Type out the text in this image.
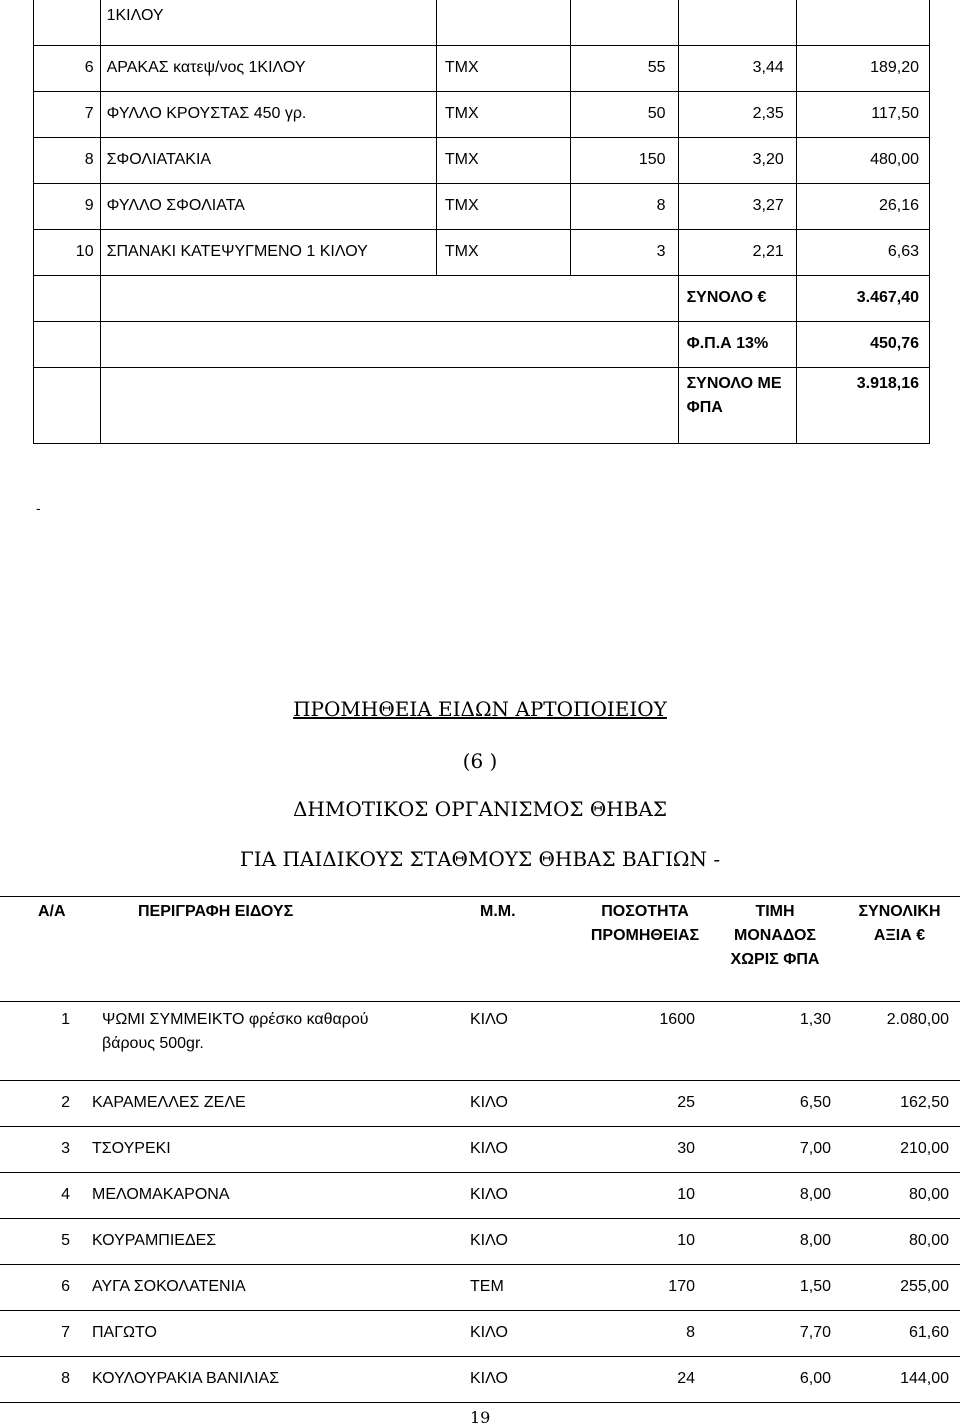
	1ΚΙΛΟΥ				
6	ΑΡΑΚΑΣ κατεψ/νος 1ΚΙΛΟΥ	ΤΜΧ	55	3,44	189,20
7	ΦΥΛΛΟ ΚΡΟΥΣΤΑΣ 450 γρ.	ΤΜΧ	50	2,35	117,50
8	ΣΦΟΛΙΑΤΑΚΙΑ	ΤΜΧ	150	3,20	480,00
9	ΦΥΛΛΟ ΣΦΟΛΙΑΤΑ	ΤΜΧ	8	3,27	26,16
10	ΣΠΑΝΑΚΙ ΚΑΤΕΨΥΓΜΕΝΟ 1 ΚΙΛΟΥ	ΤΜΧ	3	2,21	6,63
				ΣΥΝΟΛΟ €	3.467,40
				Φ.Π.Α 13%	450,76
				ΣΥΝΟΛΟ ΜΕ ΦΠΑ	3.918,16
-
ΠΡΟΜΗΘΕΙΑ ΕΙΔΩΝ ΑΡΤΟΠΟΙΕΙΟΥ
(6 )
ΔΗΜΟΤΙΚΟΣ ΟΡΓΑΝΙΣΜΟΣ ΘΗΒΑΣ
ΓΙΑ ΠΑΙΔΙΚΟΥΣ ΣΤΑΘΜΟΥΣ ΘΗΒΑΣ ΒΑΓΙΩΝ -
Α/Α	ΠΕΡΙΓΡΑΦΗ ΕΙΔΟΥΣ	Μ.Μ.	ΠΟΣΟΤΗΤΑ ΠΡΟΜΗΘΕΙΑΣ	ΤΙΜΗ ΜΟΝΑΔΟΣ ΧΩΡΙΣ ΦΠΑ	ΣΥΝΟΛΙΚΗ ΑΞΙΑ €
1	ΨΩΜΙ ΣΥΜΜΕΙΚΤΟ φρέσκο καθαρού βάρους 500gr.	ΚΙΛΟ	1600	1,30	2.080,00
2	ΚΑΡΑΜΕΛΛΕΣ ΖΕΛΕ	ΚΙΛΟ	25	6,50	162,50
3	ΤΣΟΥΡΕΚΙ	ΚΙΛΟ	30	7,00	210,00
4	ΜΕΛΟΜΑΚΑΡΟΝΑ	ΚΙΛΟ	10	8,00	80,00
5	ΚΟΥΡΑΜΠΙΕΔΕΣ	ΚΙΛΟ	10	8,00	80,00
6	ΑΥΓΑ ΣΟΚΟΛΑΤΕΝΙΑ	ΤΕΜ	170	1,50	255,00
7	ΠΑΓΩΤΟ	ΚΙΛΟ	8	7,70	61,60
8	ΚΟΥΛΟΥΡΑΚΙΑ ΒΑΝΙΛΙΑΣ	ΚΙΛΟ	24	6,00	144,00
19
